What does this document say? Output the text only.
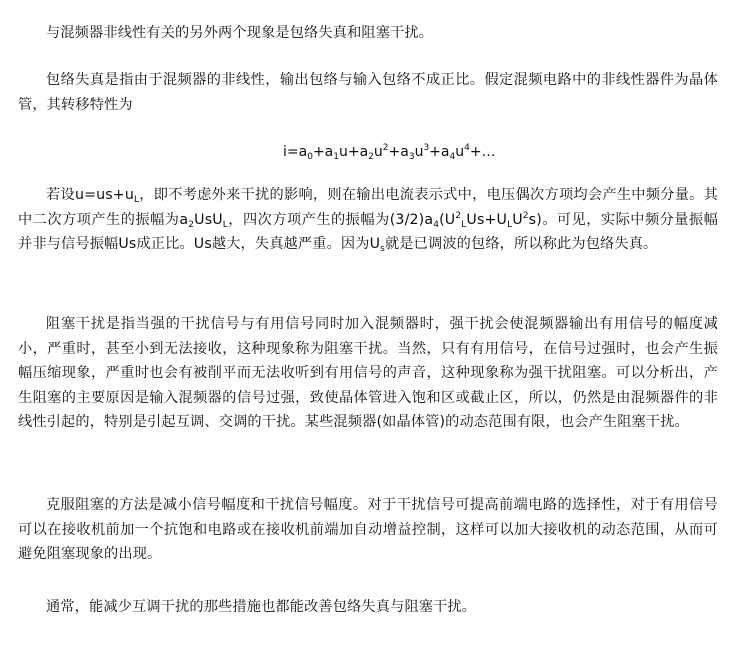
与混频器非线性有关的另外两个现象是包络失真和阻塞干扰。

包络失真是指由于混频器的非线性，输出包络与输入包络不成正比。假定混频电路中的非线性器件为晶体管，其转移特性为

$i=a_0+a_1u+a_2u^2+a_3u^3+a_4u^4+\dots$

若设$u=us+u_L$，即不考虑外来干扰的影响，则在输出电流表示式中，电压偶次方项均会产生中频分量。其中二次方项产生的振幅为$a_2UsU_L$，四次方项产生的振幅为$(3/2)a_4(U^2_LUs+U_LU^2s)$。可见，实际中频分量振幅并非与信号振幅Us成正比。Us越大，失真越严重。因为$U_s$就是已调波的包络，所以称此为包络失真。

阻塞干扰是指当强的干扰信号与有用信号同时加入混频器时，强干扰会使混频器输出有用信号的幅度减小，严重时，甚至小到无法接收，这种现象称为阻塞干扰。当然，只有有用信号，在信号过强时，也会产生振幅压缩现象，严重时也会有被削平而无法收听到有用信号的声音，这种现象称为强干扰阻塞。可以分析出，产生阻塞的主要原因是输入混频器的信号过强，致使晶体管进入饱和区或截止区，所以，仍然是由混频器件的非线性引起的，特别是引起互调、交调的干扰。某些混频器(如晶体管)的动态范围有限，也会产生阻塞干扰。

克服阻塞的方法是减小信号幅度和干扰信号幅度。对于干扰信号可提高前端电路的选择性，对于有用信号可以在接收机前加一个抗饱和电路或在接收机前端加自动增益控制，这样可以加大接收机的动态范围，从而可避免阻塞现象的出现。

通常，能减少互调干扰的那些措施也都能改善包络失真与阻塞干扰。
